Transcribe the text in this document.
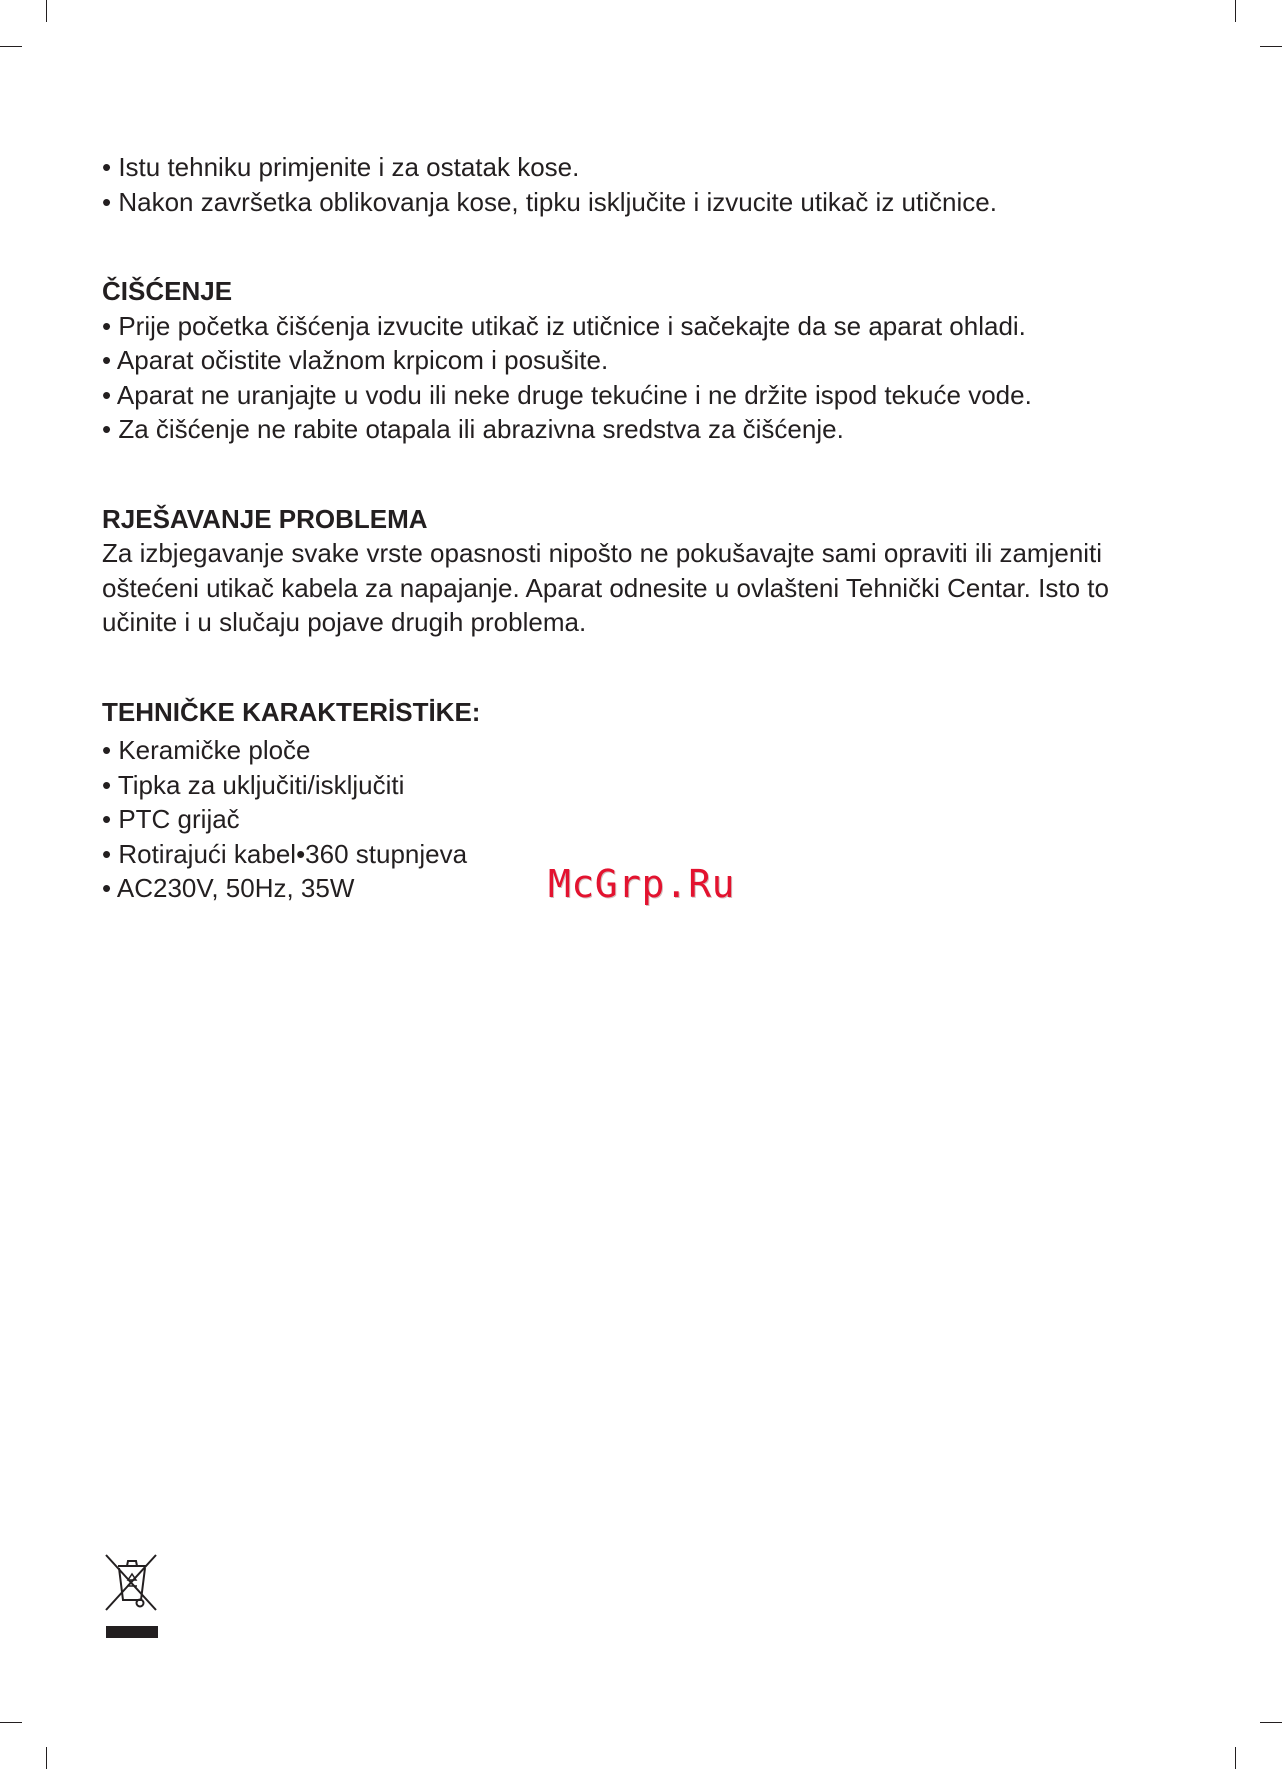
• Istu tehniku primjenite i za ostatak kose.

• Nakon završetka oblikovanja kose, tipku isključite i izvucite utikač iz utičnice.

ČIŠĆENJE

• Prije početka čišćenja izvucite utikač iz utičnice i sačekajte da se aparat ohladi.

• Aparat očistite vlažnom krpicom i posušite.

• Aparat ne uranjajte u vodu ili neke druge tekućine i ne držite ispod tekuće vode.

• Za čišćenje ne rabite otapala ili abrazivna sredstva za čišćenje.

RJEŠAVANJE PROBLEMA

Za izbjegavanje svake vrste opasnosti nipošto ne pokušavajte sami opraviti ili zamjeniti

oštećeni utikač kabela za napajanje. Aparat odnesite u ovlašteni Tehnički Centar. Isto to

učinite i u slučaju pojave drugih problema.

TEHNIČKE KARAKTERİSTİKE:

• Keramičke ploče

• Tipka za uključiti/isključiti

• PTC grijač

• Rotirajući kabel•360 stupnjeva

• AC230V, 50Hz, 35W	McGrp.Ru
